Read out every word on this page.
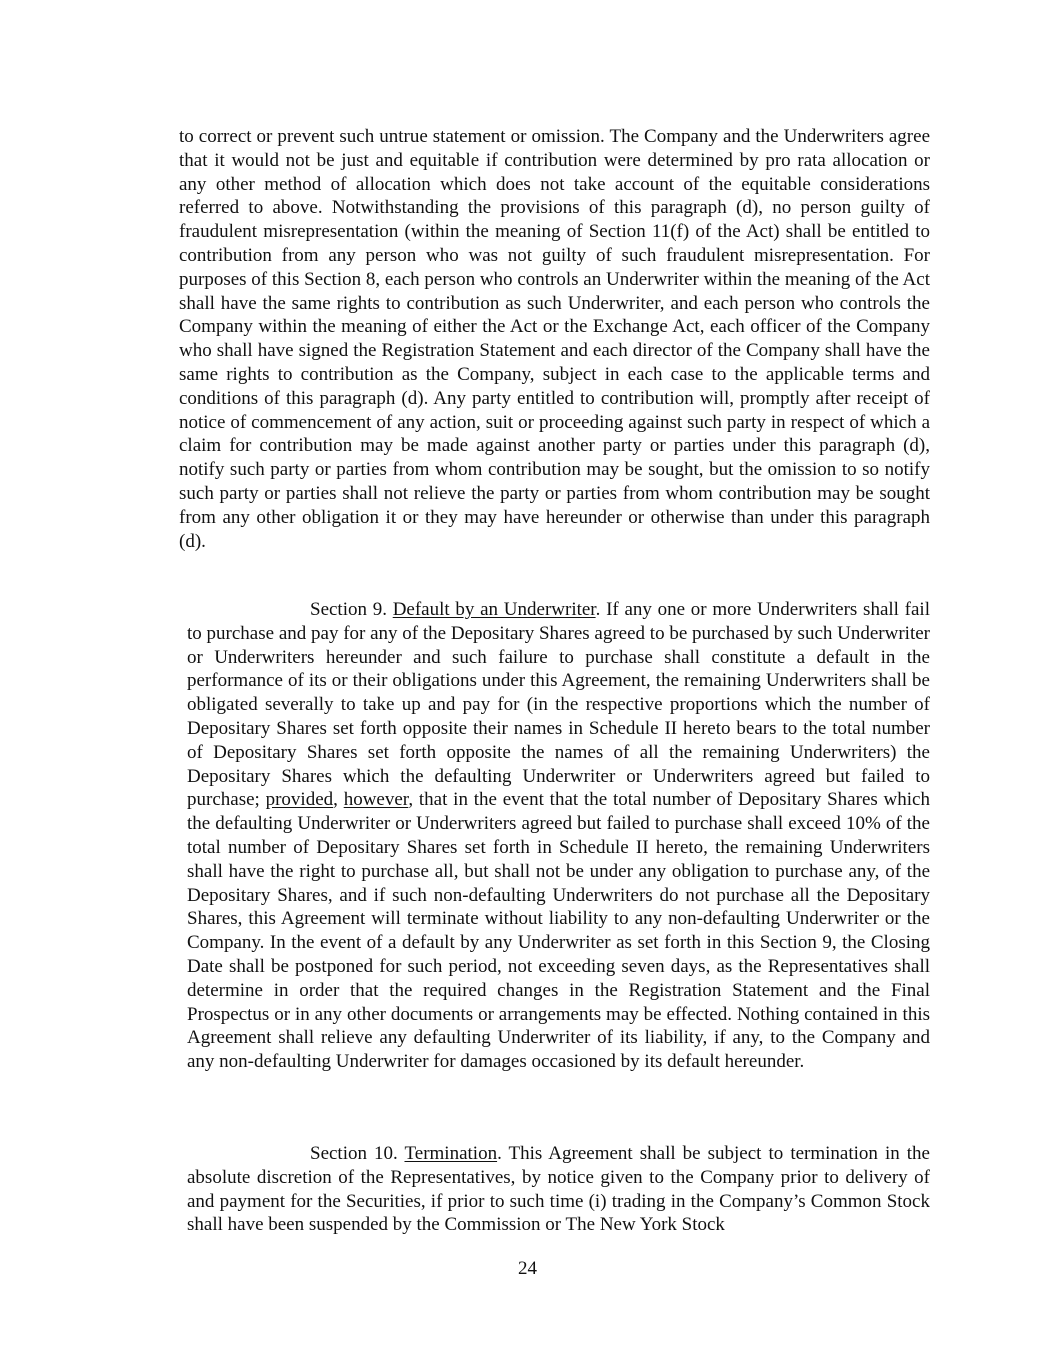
to correct or prevent such untrue statement or omission. The Company and the Underwriters agree that it would not be just and equitable if contribution were determined by pro rata allocation or any other method of allocation which does not take account of the equitable considerations referred to above. Notwithstanding the provisions of this paragraph (d), no person guilty of fraudulent misrepresentation (within the meaning of Section 11(f) of the Act) shall be entitled to contribution from any person who was not guilty of such fraudulent misrepresentation. For purposes of this Section 8, each person who controls an Underwriter within the meaning of the Act shall have the same rights to contribution as such Underwriter, and each person who controls the Company within the meaning of either the Act or the Exchange Act, each officer of the Company who shall have signed the Registration Statement and each director of the Company shall have the same rights to contribution as the Company, subject in each case to the applicable terms and conditions of this paragraph (d). Any party entitled to contribution will, promptly after receipt of notice of commencement of any action, suit or proceeding against such party in respect of which a claim for contribution may be made against another party or parties under this paragraph (d), notify such party or parties from whom contribution may be sought, but the omission to so notify such party or parties shall not relieve the party or parties from whom contribution may be sought from any other obligation it or they may have hereunder or otherwise than under this paragraph (d).

Section 9. Default by an Underwriter. If any one or more Underwriters shall fail to purchase and pay for any of the Depositary Shares agreed to be purchased by such Underwriter or Underwriters hereunder and such failure to purchase shall constitute a default in the performance of its or their obligations under this Agreement, the remaining Underwriters shall be obligated severally to take up and pay for (in the respective proportions which the number of Depositary Shares set forth opposite their names in Schedule II hereto bears to the total number of Depositary Shares set forth opposite the names of all the remaining Underwriters) the Depositary Shares which the defaulting Underwriter or Underwriters agreed but failed to purchase; provided, however, that in the event that the total number of Depositary Shares which the defaulting Underwriter or Underwriters agreed but failed to purchase shall exceed 10% of the total number of Depositary Shares set forth in Schedule II hereto, the remaining Underwriters shall have the right to purchase all, but shall not be under any obligation to purchase any, of the Depositary Shares, and if such non-defaulting Underwriters do not purchase all the Depositary Shares, this Agreement will terminate without liability to any non-defaulting Underwriter or the Company. In the event of a default by any Underwriter as set forth in this Section 9, the Closing Date shall be postponed for such period, not exceeding seven days, as the Representatives shall determine in order that the required changes in the Registration Statement and the Final Prospectus or in any other documents or arrangements may be effected. Nothing contained in this Agreement shall relieve any defaulting Underwriter of its liability, if any, to the Company and any non-defaulting Underwriter for damages occasioned by its default hereunder.

Section 10. Termination. This Agreement shall be subject to termination in the absolute discretion of the Representatives, by notice given to the Company prior to delivery of and payment for the Securities, if prior to such time (i) trading in the Company’s Common Stock shall have been suspended by the Commission or The New York Stock

24
